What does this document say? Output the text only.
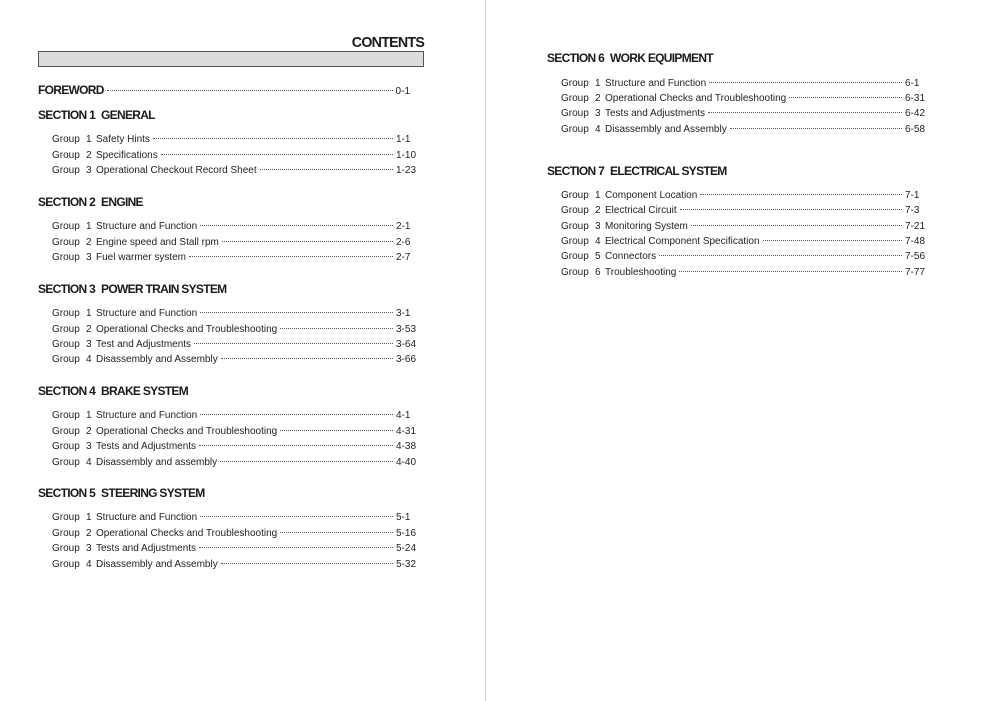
CONTENTS
FOREWORD	0-1
SECTION 1 GENERAL
Group 1 Safety Hints	1-1
Group 2 Specifications	1-10
Group 3 Operational Checkout Record Sheet	1-23
SECTION 2 ENGINE
Group 1 Structure and Function	2-1
Group 2 Engine speed and Stall rpm	2-6
Group 3 Fuel warmer system	2-7
SECTION 3 POWER TRAIN SYSTEM
Group 1 Structure and Function	3-1
Group 2 Operational Checks and Troubleshooting	3-53
Group 3 Test and Adjustments	3-64
Group 4 Disassembly and Assembly	3-66
SECTION 4 BRAKE SYSTEM
Group 1 Structure and Function	4-1
Group 2 Operational Checks and Troubleshooting	4-31
Group 3 Tests and Adjustments	4-38
Group 4 Disassembly and assembly	4-40
SECTION 5 STEERING SYSTEM
Group 1 Structure and Function	5-1
Group 2 Operational Checks and Troubleshooting	5-16
Group 3 Tests and Adjustments	5-24
Group 4 Disassembly and Assembly	5-32
SECTION 6 WORK EQUIPMENT
Group 1 Structure and Function	6-1
Group 2 Operational Checks and Troubleshooting	6-31
Group 3 Tests and Adjustments	6-42
Group 4 Disassembly and Assembly	6-58
SECTION 7 ELECTRICAL SYSTEM
Group 1 Component Location	7-1
Group 2 Electrical Circuit	7-3
Group 3 Monitoring System	7-21
Group 4 Electrical Component Specification	7-48
Group 5 Connectors	7-56
Group 6 Troubleshooting	7-77
